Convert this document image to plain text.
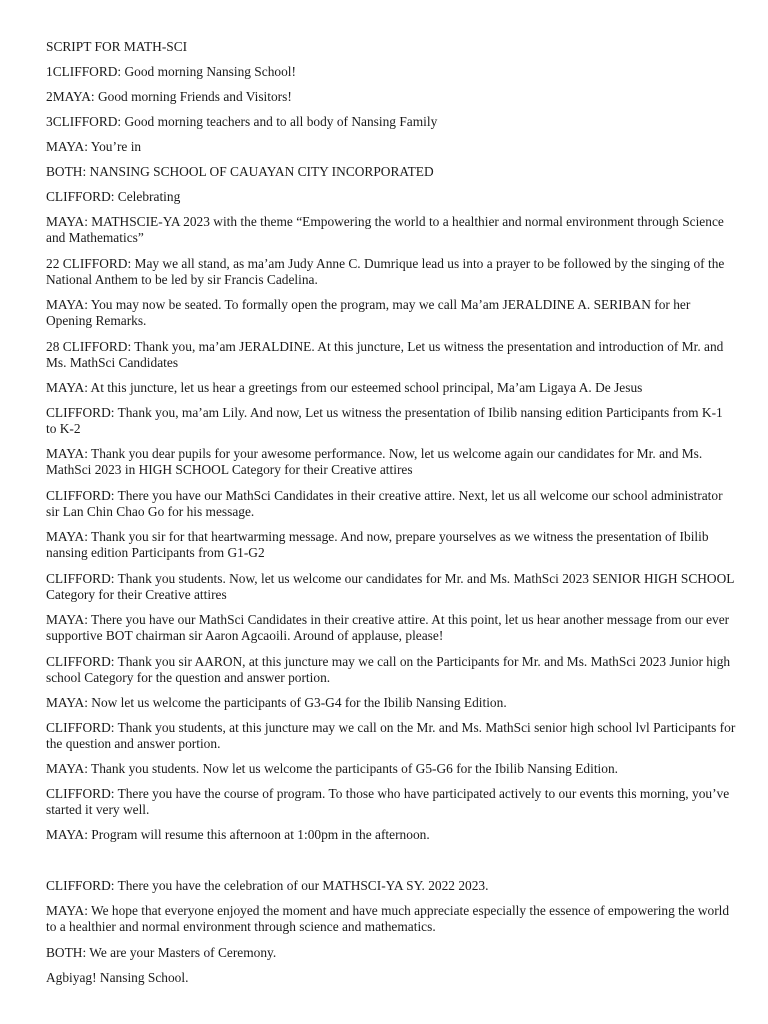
SCRIPT FOR MATH-SCI

1CLIFFORD: Good morning Nansing School!

2MAYA: Good morning Friends and Visitors!

3CLIFFORD: Good morning teachers and to all body of Nansing Family

MAYA: You’re in

BOTH: NANSING SCHOOL OF CAUAYAN CITY INCORPORATED

CLIFFORD: Celebrating

MAYA: MATHSCIE-YA 2023 with the theme “Empowering the world to a healthier and normal environment through Science and Mathematics”

22 CLIFFORD: May we all stand, as ma’am Judy Anne C. Dumrique lead us into a prayer to be followed by the singing of the National Anthem to be led by sir Francis Cadelina.

MAYA: You may now be seated. To formally open the program, may we call Ma’am JERALDINE A. SERIBAN for her Opening Remarks.

28 CLIFFORD: Thank you, ma’am JERALDINE. At this juncture, Let us witness the presentation and introduction of Mr. and Ms. MathSci Candidates

MAYA: At this juncture, let us hear a greetings from our esteemed school principal, Ma’am Ligaya A. De Jesus

CLIFFORD: Thank you, ma’am Lily. And now, Let us witness the presentation of Ibilib nansing edition Participants from K-1 to K-2

MAYA: Thank you dear pupils for your awesome performance. Now, let us welcome again our candidates for Mr. and Ms. MathSci 2023 in HIGH SCHOOL Category for their Creative attires

CLIFFORD: There you have our MathSci Candidates in their creative attire. Next, let us all welcome our school administrator sir Lan Chin Chao Go for his message.

MAYA: Thank you sir for that heartwarming message. And now, prepare yourselves as we witness the presentation of Ibilib nansing edition Participants from G1-G2

CLIFFORD: Thank you students. Now, let us welcome our candidates for Mr. and Ms. MathSci 2023 SENIOR HIGH SCHOOL Category for their Creative attires

MAYA: There you have our MathSci Candidates in their creative attire. At this point, let us hear another message from our ever supportive BOT chairman sir Aaron Agcaoili. Around of applause, please!

CLIFFORD: Thank you sir AARON, at this juncture may we call on the Participants for Mr. and Ms. MathSci 2023 Junior high school Category for the question and answer portion.

MAYA: Now let us welcome the participants of G3-G4 for the Ibilib Nansing Edition.

CLIFFORD: Thank you students, at this juncture may we call on the Mr. and Ms. MathSci senior high school lvl Participants for the question and answer portion.

MAYA: Thank you students. Now let us welcome the participants of G5-G6 for the Ibilib Nansing Edition.

CLIFFORD: There you have the course of program. To those who have participated actively to our events this morning, you’ve started it very well.

MAYA: Program will resume this afternoon at 1:00pm in the afternoon.

CLIFFORD: There you have the celebration of our MATHSCI-YA SY. 2022 2023.

MAYA: We hope that everyone enjoyed the moment and have much appreciate especially the essence of empowering the world to a healthier and normal environment through science and mathematics.

BOTH: We are your Masters of Ceremony.

Agbiyag! Nansing School.
